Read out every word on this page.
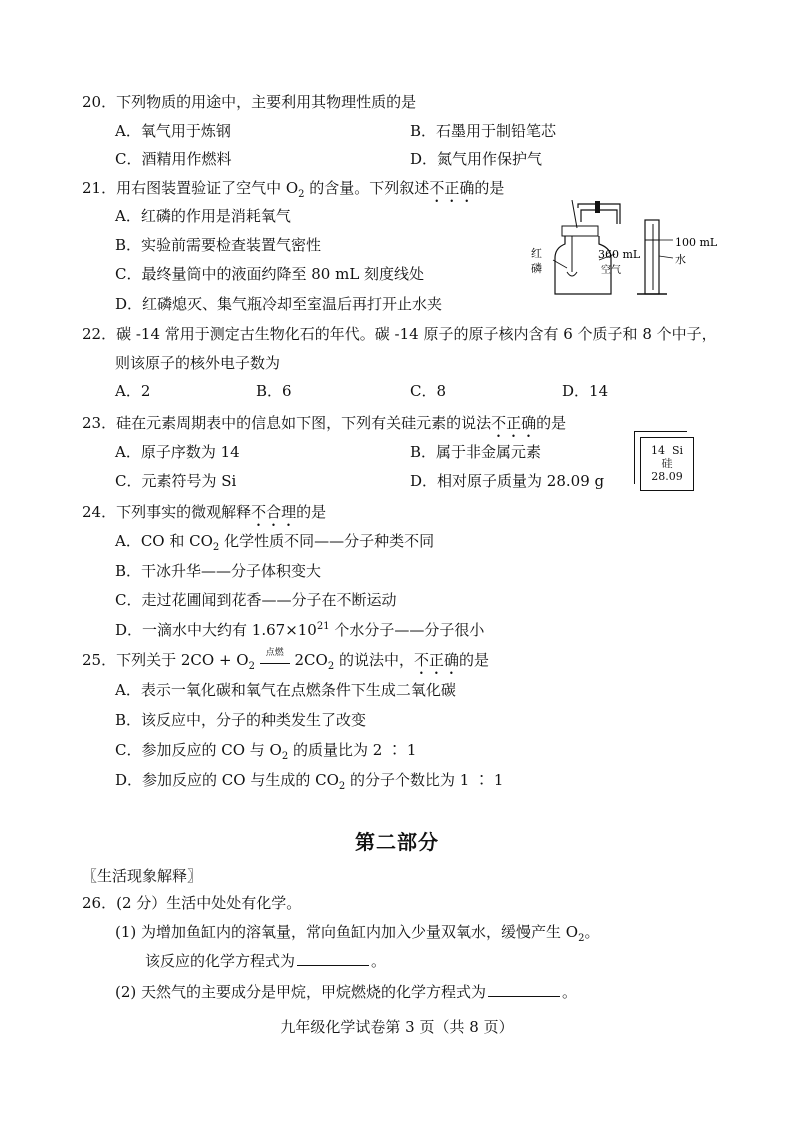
20．下列物质的用途中，主要利用其物理性质的是
A．氧气用于炼钢	B．石墨用于制铅笔芯
C．酒精用作燃料	D．氮气用作保护气
21．用右图装置验证了空气中 $O_2$ 的含量。下列叙述不正确的是
A．红磷的作用是消耗氧气
B．实验前需要检查装置气密性
C．最终量筒中的液面约降至 80 mL 刻度线处
D．红磷熄灭、集气瓶冷却至室温后再打开止水夹
红
磷
360 mL
空气
100 mL
水
22．碳 -14 常用于测定古生物化石的年代。碳 -14 原子的原子核内含有 6 个质子和 8 个中子，
则该原子的核外电子数为
A．2	B．6	C．8	D．14
23．硅在元素周期表中的信息如下图，下列有关硅元素的说法不正确的是
A．原子序数为 14	B．属于非金属元素
C．元素符号为 Si	D．相对原子质量为 28.09 g
14 Si
硅
28.09
24．下列事实的微观解释不合理的是
A．CO 和 $CO_2$ 化学性质不同——分子种类不同
B．干冰升华——分子体积变大
C．走过花圃闻到花香——分子在不断运动
D．一滴水中大约有 $1.67\times 10^{21}$ 个水分子——分子很小
25．下列关于 $2CO + O_2$
点燃 $2CO_2$ 的说法中，不正确的是
A．表示一氧化碳和氧气在点燃条件下生成二氧化碳
B．该反应中，分子的种类发生了改变
C．参加反应的 CO 与 $O_2$ 的质量比为 2 ∶ 1
D．参加反应的 CO 与生成的 $CO_2$ 的分子个数比为 1 ∶ 1
第二部分
〖生活现象解释〗
26．(2 分）生活中处处有化学。
(1) 为增加鱼缸内的溶氧量，常向鱼缸内加入少量双氧水，缓慢产生 $O_2$。
该反应的化学方程式为	。
(2) 天然气的主要成分是甲烷，甲烷燃烧的化学方程式为	。
九年级化学试卷第 3 页（共 8 页）
